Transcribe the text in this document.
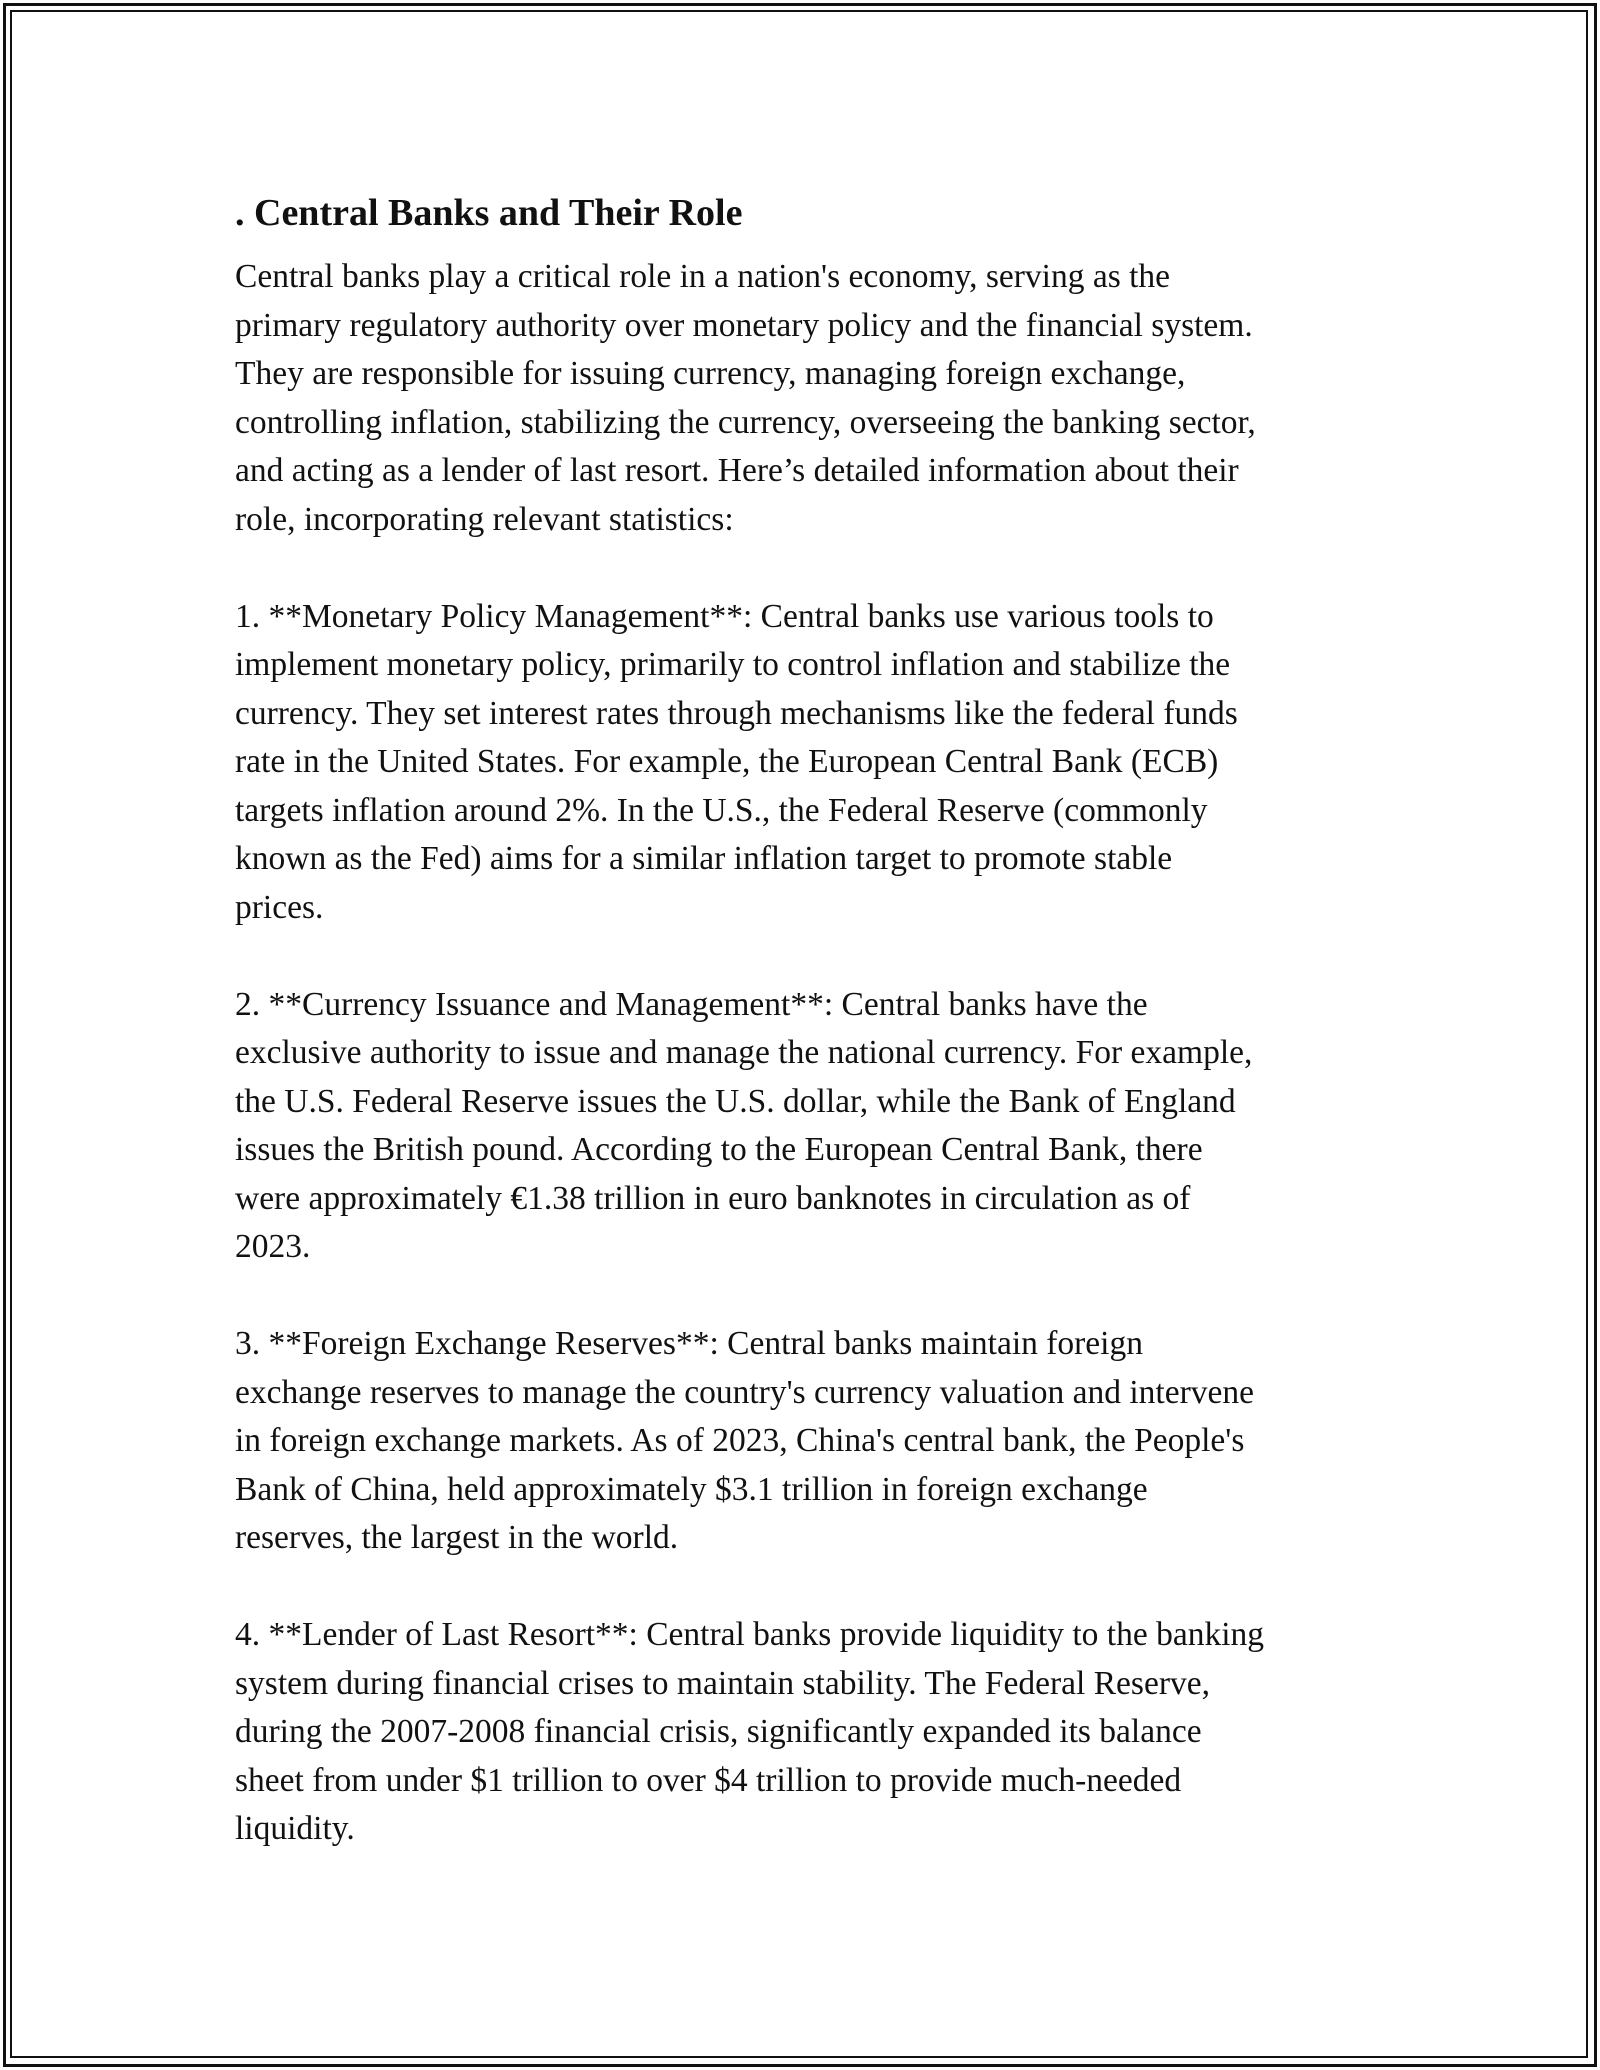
. Central Banks and Their Role

Central banks play a critical role in a nation's economy, serving as the
primary regulatory authority over monetary policy and the financial system.
They are responsible for issuing currency, managing foreign exchange,
controlling inflation, stabilizing the currency, overseeing the banking sector,
and acting as a lender of last resort. Here’s detailed information about their
role, incorporating relevant statistics:

1. **Monetary Policy Management**: Central banks use various tools to
implement monetary policy, primarily to control inflation and stabilize the
currency. They set interest rates through mechanisms like the federal funds
rate in the United States. For example, the European Central Bank (ECB)
targets inflation around 2%. In the U.S., the Federal Reserve (commonly
known as the Fed) aims for a similar inflation target to promote stable
prices.

2. **Currency Issuance and Management**: Central banks have the
exclusive authority to issue and manage the national currency. For example,
the U.S. Federal Reserve issues the U.S. dollar, while the Bank of England
issues the British pound. According to the European Central Bank, there
were approximately €1.38 trillion in euro banknotes in circulation as of
2023.

3. **Foreign Exchange Reserves**: Central banks maintain foreign
exchange reserves to manage the country's currency valuation and intervene
in foreign exchange markets. As of 2023, China's central bank, the People's
Bank of China, held approximately $3.1 trillion in foreign exchange
reserves, the largest in the world.

4. **Lender of Last Resort**: Central banks provide liquidity to the banking
system during financial crises to maintain stability. The Federal Reserve,
during the 2007-2008 financial crisis, significantly expanded its balance
sheet from under $1 trillion to over $4 trillion to provide much-needed
liquidity.
